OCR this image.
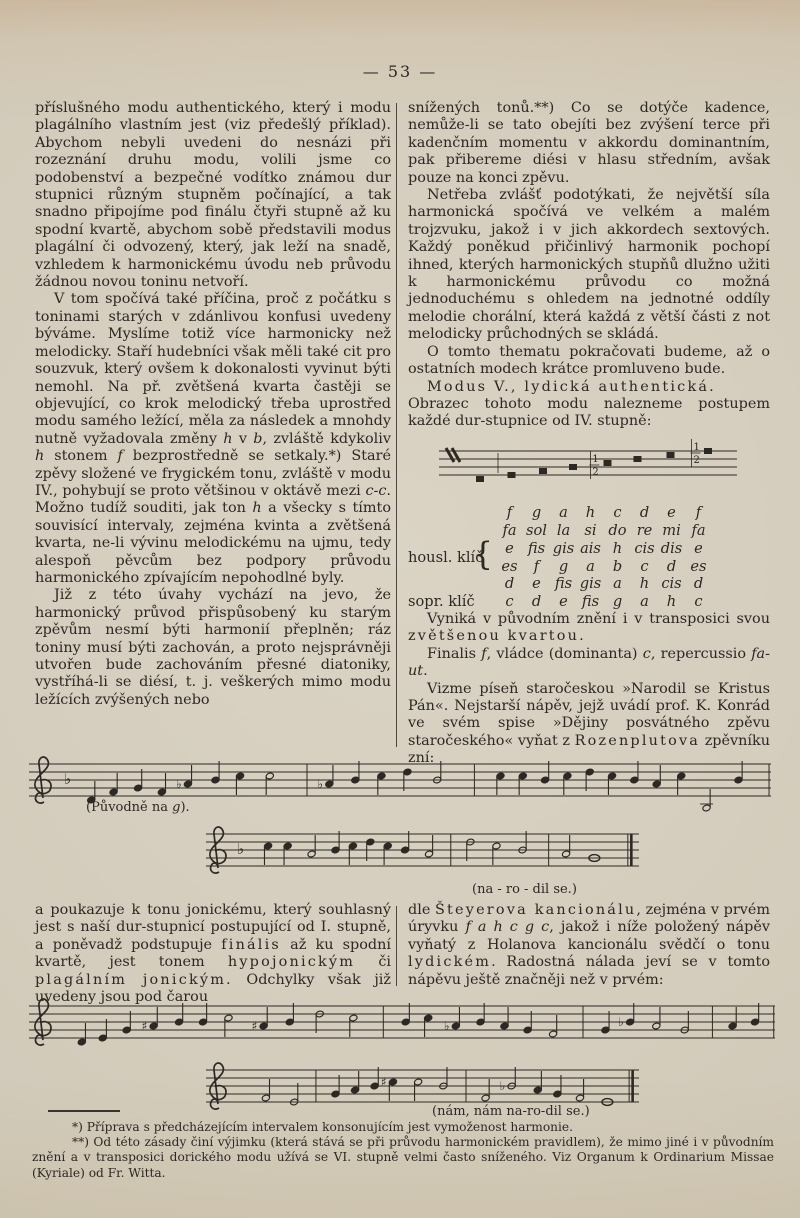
— 53 —

příslušného modu authentického, který i modu plagálního vlastním jest (viz předešlý příklad). Abychom nebyli uvedeni do nesnázi při rozeznání druhu modu, volili jsme co podobenství a bezpečné vodítko známou dur stupnici různým stupněm počínající, a tak snadno připojíme pod finálu čtyři stupně až ku spodní kvartě, abychom sobě představili modus plagální či odvozený, který, jak leží na snadě, vzhledem k harmonickému úvodu neb průvodu žádnou novou toninu netvoří.

V tom spočívá také příčina, proč z počátku s toninami starých v zdánlivou konfusi uvedeny býváme. Myslíme totiž více harmonicky než melodicky. Staří hudebníci však měli také cit pro souzvuk, který ovšem k dokonalosti vyvinut býti nemohl. Na př. zvětšená kvarta častěji se objevující, co krok melodický třeba uprostřed modu samého ležící, měla za následek a mnohdy nutně vyžadovala změny h v b, zvláště kdykoliv h stonem f bezprostředně se setkaly.*) Staré zpěvy složené ve frygickém tonu, zvláště v modu IV., pohybují se proto většinou v oktávě mezi c-c. Možno tudíž souditi, jak ton h a všecky s tímto souvisící intervaly, zejména kvinta a zvětšená kvarta, ne-li vývinu melodickému na ujmu, tedy alespoň pěvcům bez podpory průvodu harmonického zpívajícím nepohodlné byly.

Již z této úvahy vychází na jevo, že harmonický průvod přispůsobený ku starým zpěvům nesmí býti harmonií přeplněn; ráz toniny musí býti zachován, a proto nejsprávněji utvořen bude zachováním přesné diatoniky, vystříhá-li se diésí, t. j. veškerých mimo modu ležících zvýšených nebo

snížených tonů.**) Co se dotýče kadence, nemůže-li se tato obejíti bez zvýšení terce při kadenčním momentu v akkordu dominantním, pak přibereme diési v hlasu středním, avšak pouze na konci zpěvu.

Netřeba zvlášť podotýkati, že největší síla harmonická spočívá ve velkém a malém trojzvuku, jakož i v jich akkordech sextových. Každý poněkud přičinlivý harmonik pochopí ihned, kterých harmonických stupňů dlužno užiti k harmonickému průvodu co možná jednoduchému s ohledem na jednotné oddíly melodie chorální, která každá z větší části z not melodicky průchodných se skládá.

O tomto thematu pokračovati budeme, až o ostatních modech krátce promluveno bude.

Modus V., lydická authentická.

Obrazec tohoto modu nalezneme postupem každé dur-stupnice od IV. stupně:

1
2
1
2
f	g	a	h	c	d	e	f
fa sol la si do re mi fa
housl. klíč
{ e fis gis ais h cis dis e
es	f	g	a	b	c	d es
d	e fis gis a	h cis d
sopr. klíč	c	d	e fis g	a	h	c

Vyniká v původním znění i v transposici svou zvětšenou kvartou.

Finalis f, vládce (dominanta) c, repercussio fa-ut.

Vizme píseň staročeskou »Narodil se Kristus Pán«. Nejstarší nápěv, jejž uvádí prof. K. Konrád ve svém spise »Dějiny posvátného zpěvu staročeského« vyňat z Rozenplutova zpěvníku zní:

♭	♭	♭
(Původně na g).
♭
(na - ro - dil se.)

a poukazuje k tonu jonickému, který souhlasný jest s naší dur-stupnicí postupující od I. stupně, a poněvadž podstupuje finális až ku spodní kvartě, jest tonem hypojonickým či plagálním jonickým. Odchylky však již uvedeny jsou pod čarou

dle Šteyerova kancionálu, zejména v prvém úryvku f a h c g c, jakož i níže položený nápěv vyňatý z Holanova kancionálu svědčí o tonu lydickém. Radostná nálada jeví se v tomto nápěvu ještě značněji než v prvém:

♯	♯	♭	♭
♯	♭
(nám, nám na-ro-dil se.)

*) Příprava s předcházejícím intervalem konsonujícím jest vymoženost harmonie.

**) Od této zásady činí výjimku (která stává se při průvodu harmonickém pravidlem), že mimo jiné i v původním znění a v transposici dorického modu užívá se VI. stupně velmi často sníženého. Viz Organum k Ordinarium Missae (Kyriale) od Fr. Witta.
